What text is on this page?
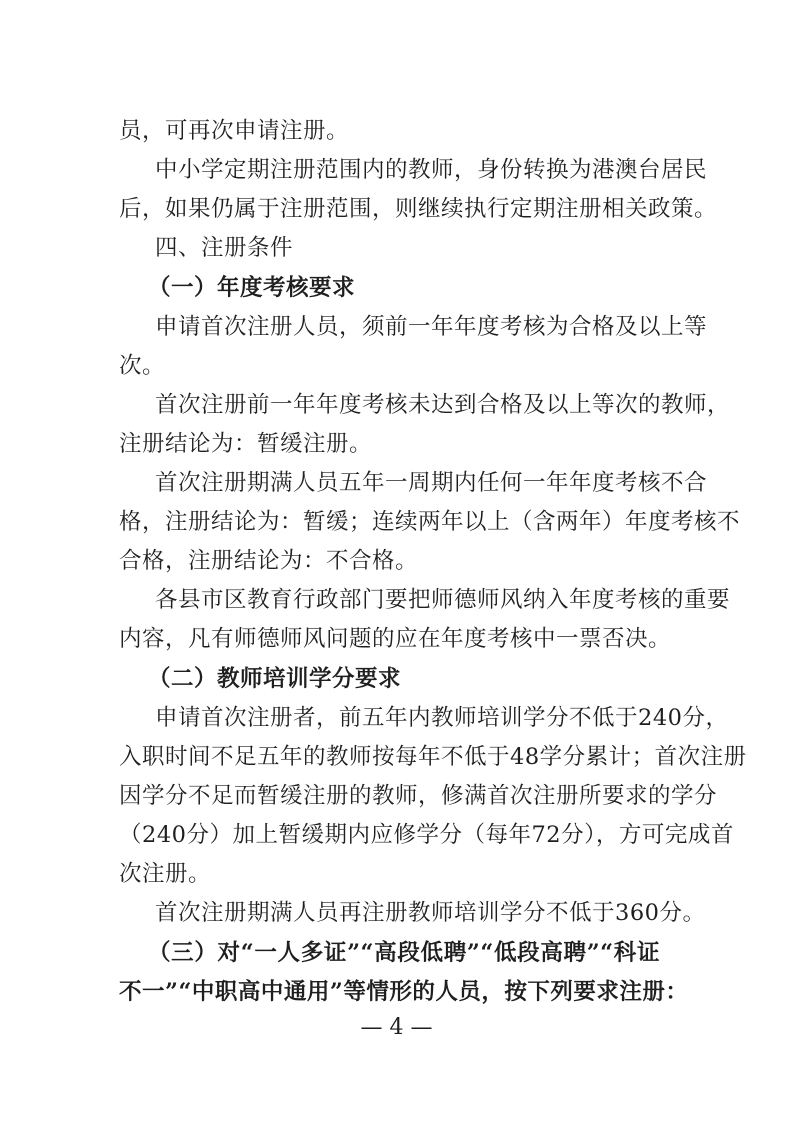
员，可再次申请注册。
中小学定期注册范围内的教师，身份转换为港澳台居民
后，如果仍属于注册范围，则继续执行定期注册相关政策。
四、注册条件
（一）年度考核要求
申请首次注册人员，须前一年年度考核为合格及以上等
次。
首次注册前一年年度考核未达到合格及以上等次的教师，
注册结论为：暂缓注册。
首次注册期满人员五年一周期内任何一年年度考核不合
格，注册结论为：暂缓；连续两年以上（含两年）年度考核不
合格，注册结论为：不合格。
各县市区教育行政部门要把师德师风纳入年度考核的重要
内容，凡有师德师风问题的应在年度考核中一票否决。
（二）教师培训学分要求
申请首次注册者，前五年内教师培训学分不低于240分，
入职时间不足五年的教师按每年不低于48学分累计；首次注册
因学分不足而暂缓注册的教师，修满首次注册所要求的学分
（240分）加上暂缓期内应修学分（每年72分），方可完成首
次注册。
首次注册期满人员再注册教师培训学分不低于360分。
（三）对“一人多证”“高段低聘”“低段高聘”“科证
不一”“中职高中通用”等情形的人员，按下列要求注册：
— 4 —
